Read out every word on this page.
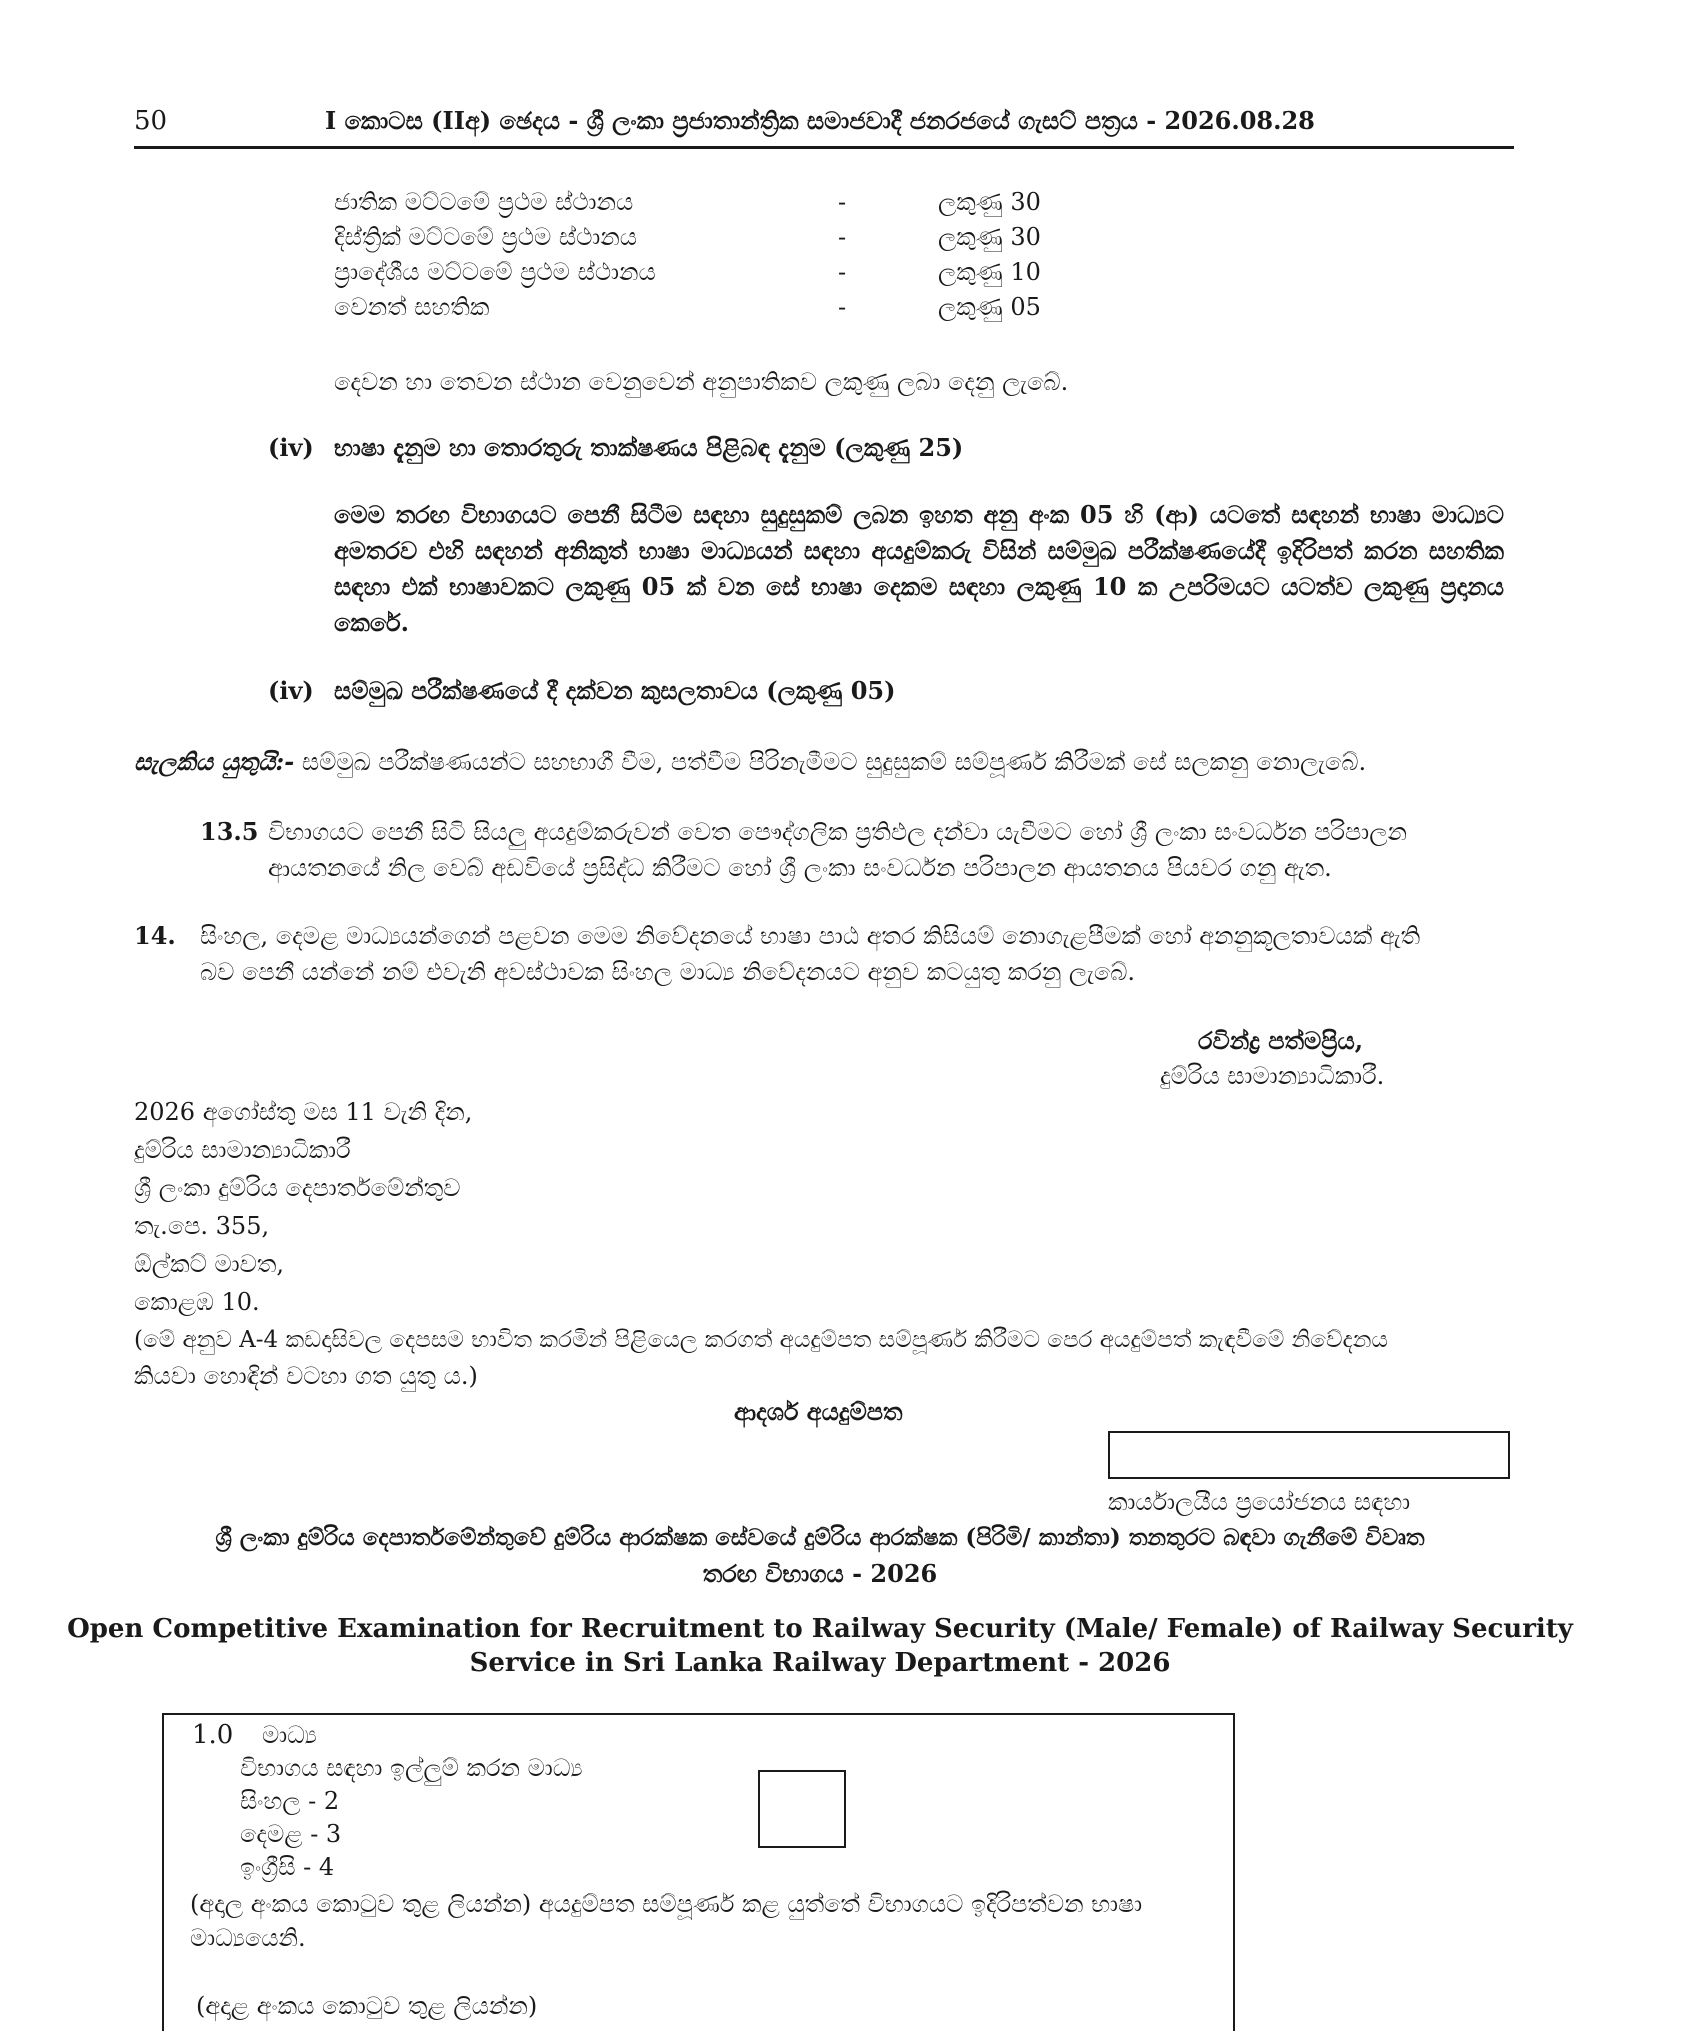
50	I කොටස (IIඅ) ඡෙදය - ශ්‍රී ලංකා ප්‍රජාතාන්ත්‍රික සමාජවාදී ජනරජයේ ගැසට් පත්‍රය - 2026.08.28
ජාතික මට්ටමේ ප්‍රථම ස්ථානය	-	ලකුණු 30
දිස්ත්‍රික් මට්ටමේ ප්‍රථම ස්ථානය	-	ලකුණු 30
ප්‍රාදේශීය මට්ටමේ ප්‍රථම ස්ථානය	-	ලකුණු 10
වෙනත් සහතික	-	ලකුණු 05
දෙවන හා තෙවන ස්ථාන වෙනුවෙන් අනුපාතිකව ලකුණු ලබා දෙනු ලැබේ.
(iv) භාෂා දැනුම හා තොරතුරු තාක්ෂණය පිළිබඳ දැනුම (ලකුණු 25)
මෙම තරඟ විභාගයට පෙනී සිටීම සඳහා සුදුසුකම් ලබන ඉහත අනු අංක 05 හි (ආ) යටතේ සඳහන් භාෂා මාධ්‍යට අමතරව එහි සඳහන් අනිකුත් භාෂා මාධ්‍යයන් සඳහා අයදුම්කරු විසින් සම්මුඛ පරීක්ෂණයේදී ඉදිරිපත් කරන සහතික සඳහා එක් භාෂාවකට ලකුණු 05 ක් වන සේ භාෂා දෙකම සඳහා ලකුණු 10 ක උපරිමයට යටත්ව ලකුණු ප්‍රදානය කෙරේ.
(iv) සම්මුඛ පරීක්ෂණයේ දී දක්වන කුසලතාවය (ලකුණු 05)
සැලකිය යුතුයි:- සම්මුඛ පරීක්ෂණයන්ට සහභාගී වීම, පත්වීම පිරිනැමීමට සුදුසුකම් සම්පූර්ණ කිරීමක් සේ සලකනු නොලැබේ.
13.5 විභාගයට පෙනී සිටි සියලු අයදුම්කරුවන් වෙත පෞද්ගලික ප්‍රතිඵල දන්වා යැවීමට හෝ ශ්‍රී ලංකා සංවර්ධන පරිපාලන
ආයතනයේ නිල වෙබ් අඩවියේ ප්‍රසිද්ධ කිරීමට හෝ ශ්‍රී ලංකා සංවර්ධන පරිපාලන ආයතනය පියවර ගනු ඇත.
14. සිංහල, දෙමළ මාධ්‍යයන්ගෙන් පළවන මෙම නිවේදනයේ භාෂා පාඨ අතර කිසියම් නොගැළපීමක් හෝ අනනුකූලතාවයක් ඇති
බව පෙනී යන්නේ නම් එවැනි අවස්ථාවක සිංහල මාධ්‍ය නිවේදනයට අනුව කටයුතු කරනු ලැබේ.
රවින්ද්‍ර පත්මප්‍රිය,
දුම්රිය සාමාන්‍යාධිකාරී.
2026 අගෝස්තු මස 11 වැනි දින,
දුම්රිය සාමාන්‍යාධිකාරී
ශ්‍රී ලංකා දුම්රිය දෙපාර්තමේන්තුව
තැ.පෙ. 355,
ඕල්කට් මාවත,
කොළඹ 10.
(මේ අනුව A-4 කඩදාසිවල දෙපසම භාවිත කරමින් පිළියෙල කරගත් අයදුම්පත සම්පූර්ණ කිරීමට පෙර අයදුම්පත් කැඳවීමේ නිවේදනය
කියවා හොඳින් වටහා ගත යුතු ය.)
ආදර්ශ අයදුම්පත
කාර්යාලයීය ප්‍රයෝජනය සඳහා
ශ්‍රී ලංකා දුම්රිය දෙපාර්තමේන්තුවේ දුම්රිය ආරක්ෂක සේවයේ දුම්රිය ආරක්ෂක (පිරිමි/ කාන්තා) තනතුරට බඳවා ගැනීමේ විවෘත
තරඟ විභාගය - 2026
Open Competitive Examination for Recruitment to Railway Security (Male/ Female) of Railway Security
Service in Sri Lanka Railway Department - 2026
1.0 මාධ්‍ය
විභාගය සඳහා ඉල්ලුම් කරන මාධ්‍ය
සිංහල - 2
දෙමළ - 3
ඉංග්‍රීසි - 4
(අදාල අංකය කොටුව තුළ ලියන්න) අයදුම්පත සම්පූර්ණ කළ යුත්තේ විභාගයට ඉදිරිපත්වන භාෂා
මාධ්‍යයෙනි.
(අදාළ අංකය කොටුව තුළ ලියන්න)
